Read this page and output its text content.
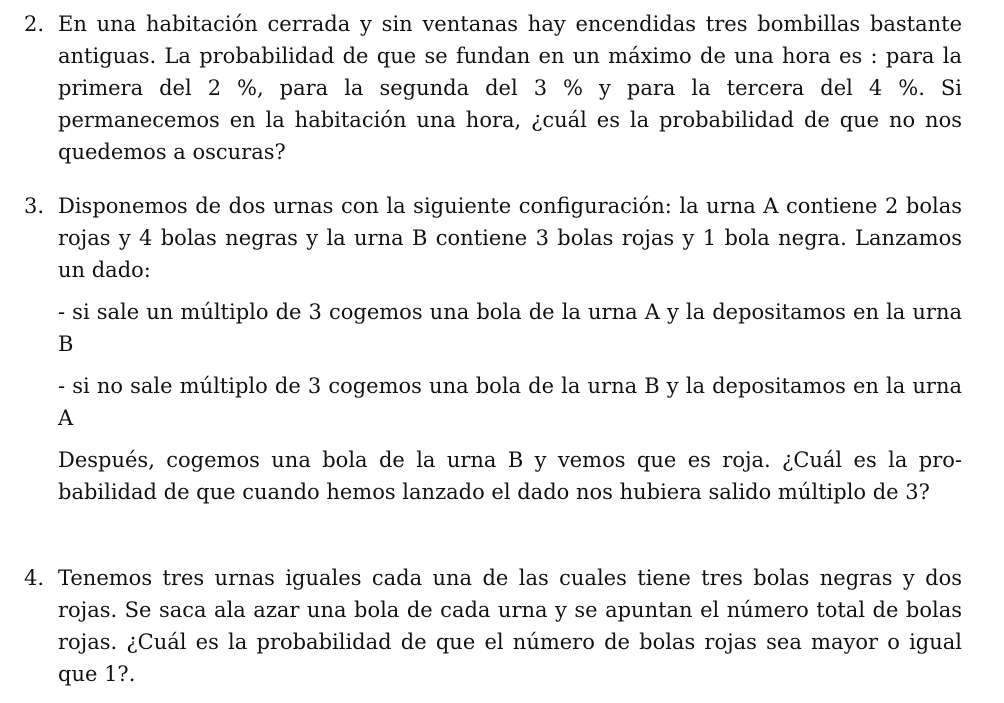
2. En una habitación cerrada y sin ventanas hay encendidas tres bombillas bastante antiguas. La probabilidad de que se fundan en un máximo de una hora es : para la primera del 2 %, para la segunda del 3 % y para la tercera del 4 %. Si permanecemos en la habitación una hora, ¿cuál es la probabilidad de que no nos quedemos a oscuras?

3. Disponemos de dos urnas con la siguiente configuración: la urna A contiene 2 bolas rojas y 4 bolas negras y la urna B contiene 3 bolas rojas y 1 bola negra. Lanzamos un dado:

- si sale un múltiplo de 3 cogemos una bola de la urna A y la depositamos en la urna B

- si no sale múltiplo de 3 cogemos una bola de la urna B y la depositamos en la urna A

Después, cogemos una bola de la urna B y vemos que es roja. ¿Cuál es la probabilidad de que cuando hemos lanzado el dado nos hubiera salido múltiplo de 3?

4. Tenemos tres urnas iguales cada una de las cuales tiene tres bolas negras y dos rojas. Se saca ala azar una bola de cada urna y se apuntan el número total de bolas rojas. ¿Cuál es la probabilidad de que el número de bolas rojas sea mayor o igual que 1?.
